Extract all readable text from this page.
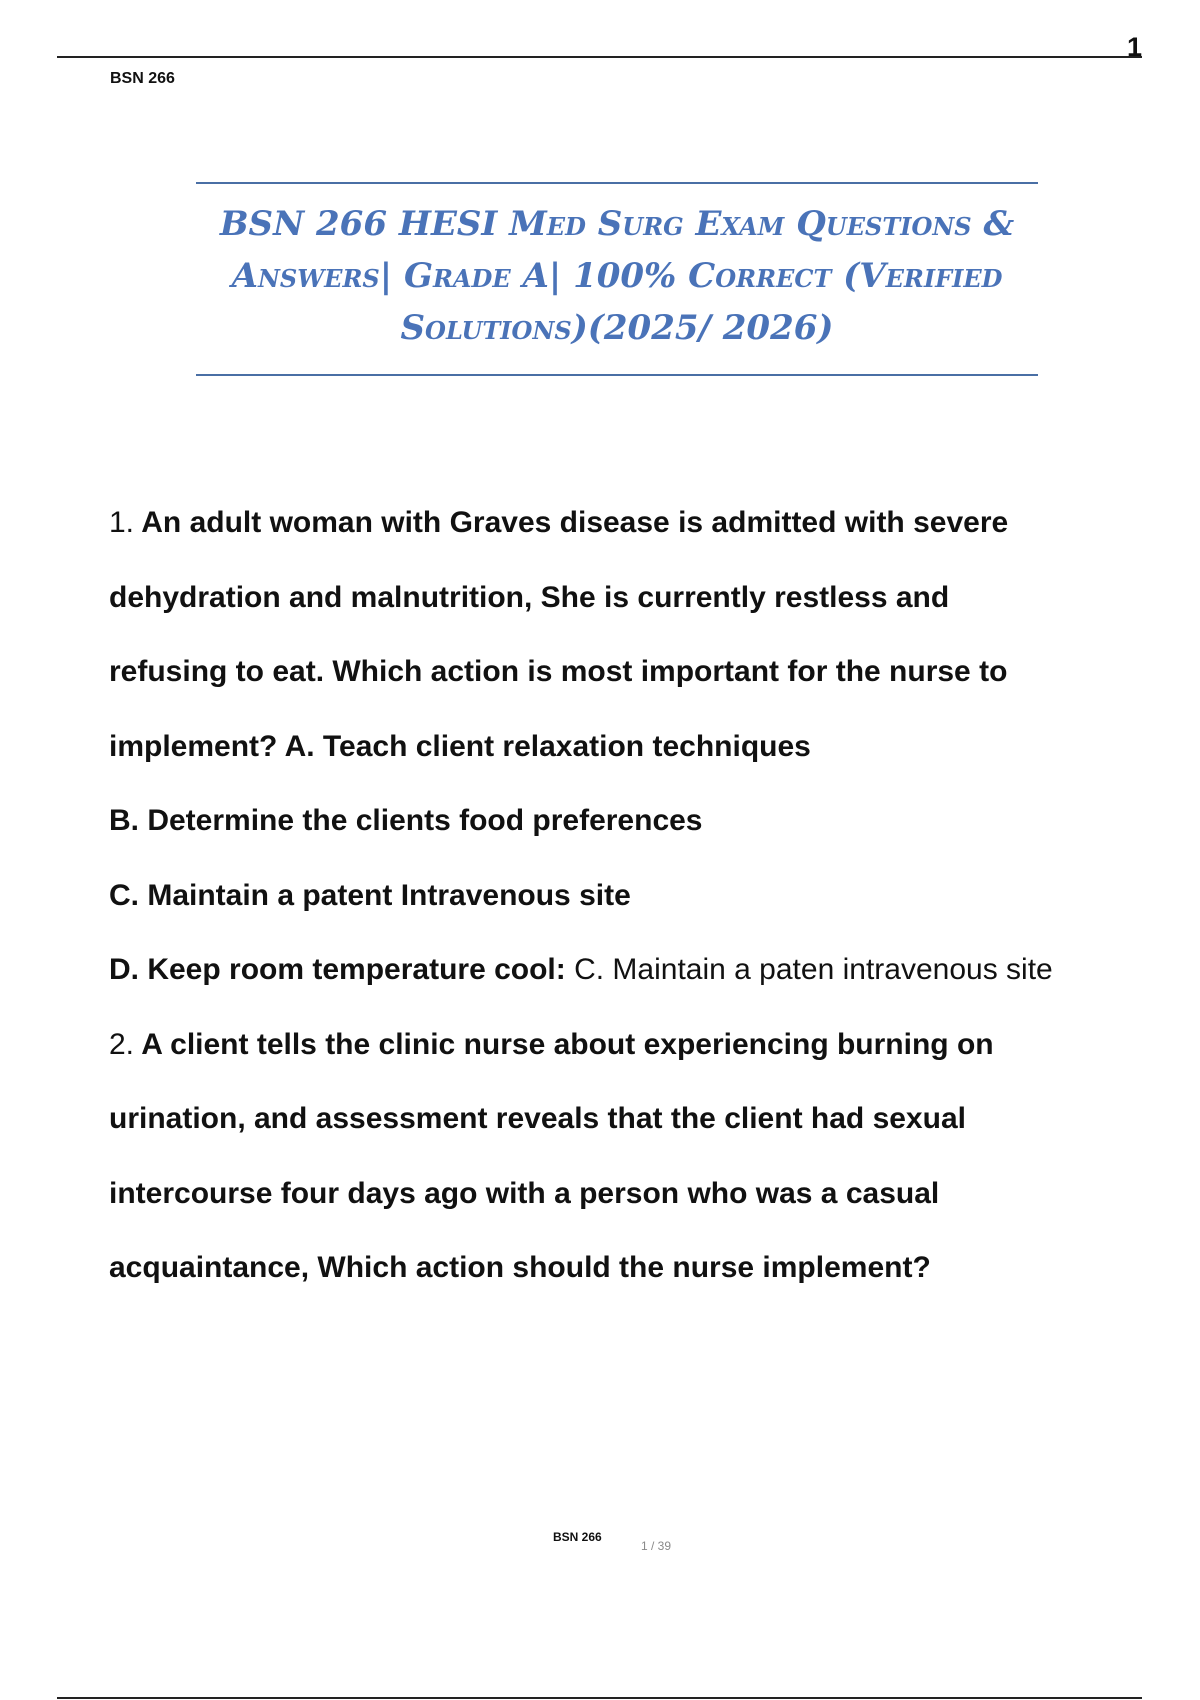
1
BSN 266
BSN 266 HESI Med Surg Exam Questions &
Answers| Grade A| 100% Correct (Verified
Solutions)(2025/ 2026)
1. An adult woman with Graves disease is admitted with severe
dehydration and malnutrition, She is currently restless and
refusing to eat. Which action is most important for the nurse to
implement? A. Teach client relaxation techniques
B. Determine the clients food preferences
C. Maintain a patent Intravenous site
D. Keep room temperature cool: C. Maintain a paten intravenous site
2. A client tells the clinic nurse about experiencing burning on
urination, and assessment reveals that the client had sexual
intercourse four days ago with a person who was a casual
acquaintance, Which action should the nurse implement?
BSN 266
1 / 39
